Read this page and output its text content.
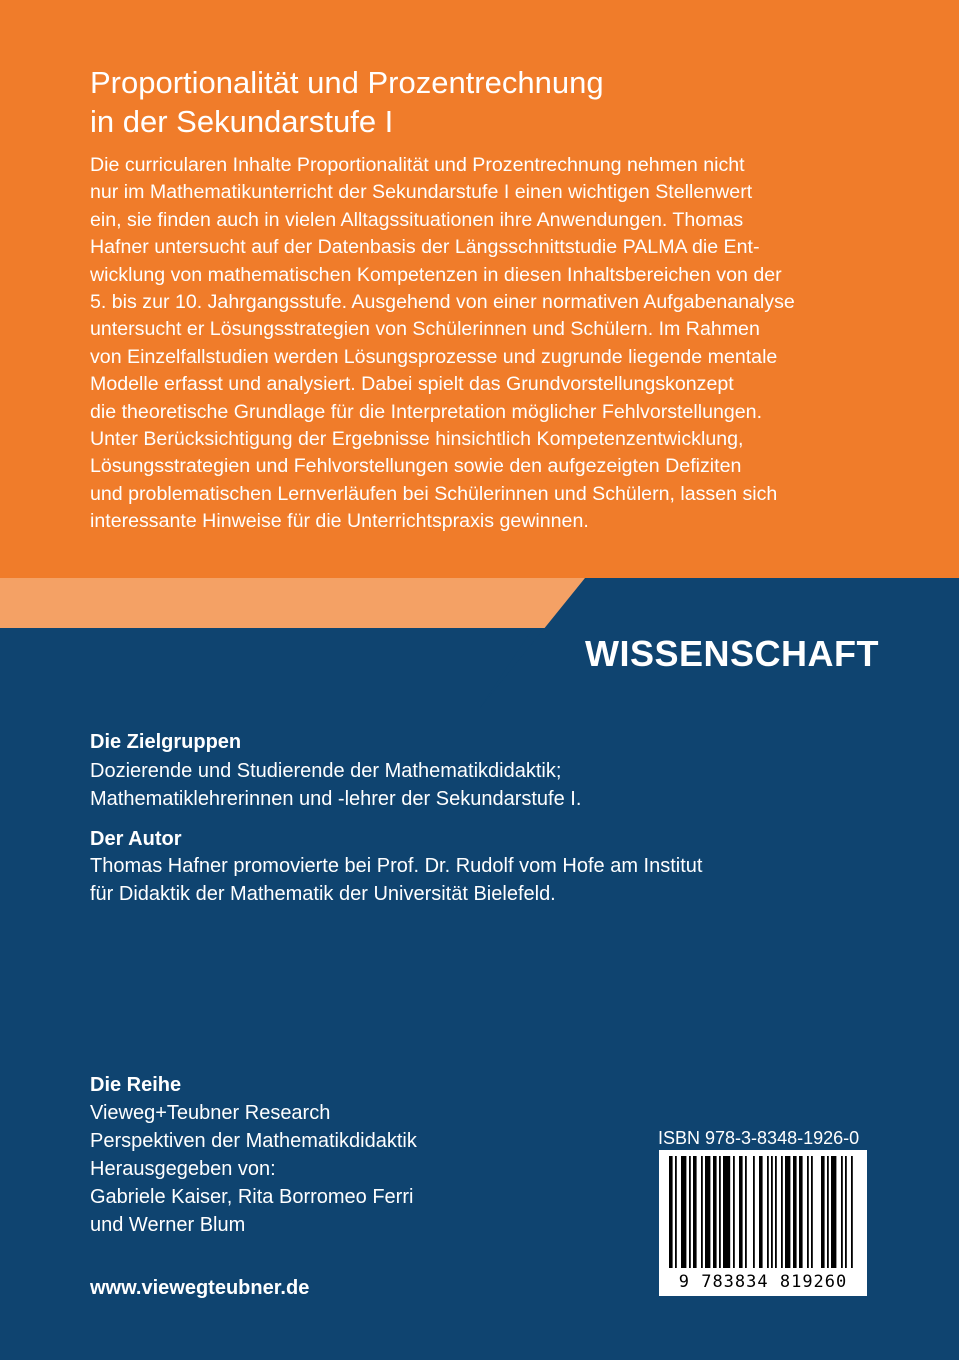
Proportionalität und Prozentrechnung
in der Sekundarstufe I
Die curricularen Inhalte Proportionalität und Prozentrechnung nehmen nicht
nur im Mathematikunterricht der Sekundarstufe I einen wichtigen Stellenwert
ein, sie finden auch in vielen Alltagssituationen ihre Anwendungen. Thomas
Hafner untersucht auf der Datenbasis der Längsschnittstudie PALMA die Ent-
wicklung von mathematischen Kompetenzen in diesen Inhaltsbereichen von der
5. bis zur 10. Jahrgangsstufe. Ausgehend von einer normativen Aufgabenanalyse
untersucht er Lösungsstrategien von Schülerinnen und Schülern. Im Rahmen
von Einzelfallstudien werden Lösungsprozesse und zugrunde liegende mentale
Modelle erfasst und analysiert. Dabei spielt das Grundvorstellungskonzept
die theoretische Grundlage für die Interpretation möglicher Fehlvorstellungen.
Unter Berücksichtigung der Ergebnisse hinsichtlich Kompetenzentwicklung,
Lösungsstrategien und Fehlvorstellungen sowie den aufgezeigten Defiziten
und problematischen Lernverläufen bei Schülerinnen und Schülern, lassen sich
interessante Hinweise für die Unterrichtspraxis gewinnen.
WISSENSCHAFT
Die Zielgruppen
Dozierende und Studierende der Mathematikdidaktik;
Mathematiklehrerinnen und -lehrer der Sekundarstufe I.
Der Autor
Thomas Hafner promovierte bei Prof. Dr. Rudolf vom Hofe am Institut
für Didaktik der Mathematik der Universität Bielefeld.
Die Reihe
Vieweg+Teubner Research
Perspektiven der Mathematikdidaktik
Herausgegeben von:
Gabriele Kaiser, Rita Borromeo Ferri
und Werner Blum
www.viewegteubner.de
ISBN 978-3-8348-1926-0
9 783834 819260
